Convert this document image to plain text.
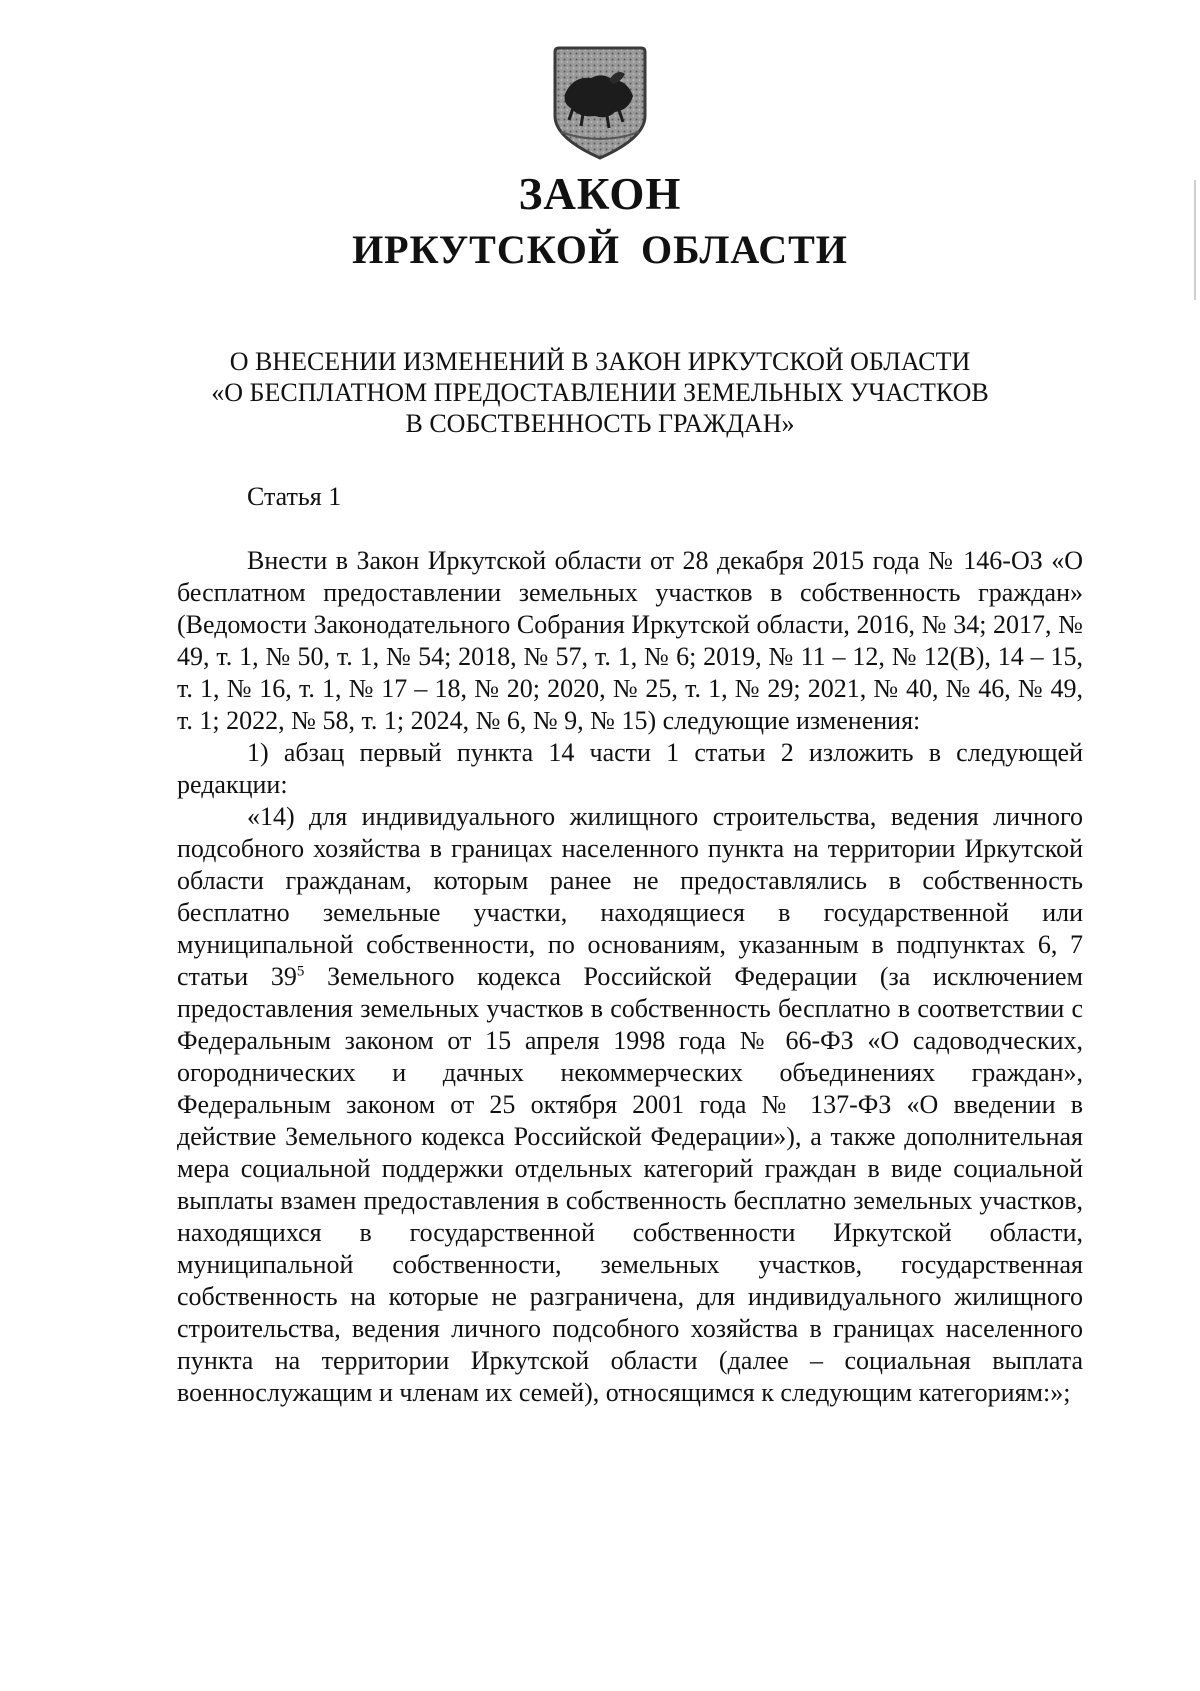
ЗАКОН
ИРКУТСКОЙ ОБЛАСТИ
О ВНЕСЕНИИ ИЗМЕНЕНИЙ В ЗАКОН ИРКУТСКОЙ ОБЛАСТИ
«О БЕСПЛАТНОМ ПРЕДОСТАВЛЕНИИ ЗЕМЕЛЬНЫХ УЧАСТКОВ
В СОБСТВЕННОСТЬ ГРАЖДАН»
Статья 1

Внести в Закон Иркутской области от 28 декабря 2015 года № 146-ОЗ «О бесплатном предоставлении земельных участков в собственность граждан» (Ведомости Законодательного Собрания Иркутской области, 2016, № 34; 2017, № 49, т. 1, № 50, т. 1, № 54; 2018, № 57, т. 1, № 6; 2019, № 11 – 12, № 12(В), 14 – 15, т. 1, № 16, т. 1, № 17 – 18, № 20; 2020, № 25, т. 1, № 29; 2021, № 40, № 46, № 49, т. 1; 2022, № 58, т. 1; 2024, № 6, № 9, № 15) следующие изменения:

1) абзац первый пункта 14 части 1 статьи 2 изложить в следующей редакции:

«14) для индивидуального жилищного строительства, ведения личного подсобного хозяйства в границах населенного пункта на территории Иркутской области гражданам, которым ранее не предоставлялись в собственность бесплатно земельные участки, находящиеся в государственной или муниципальной собственности, по основаниям, указанным в подпунктах 6, 7 статьи $39^5$ Земельного кодекса Российской Федерации (за исключением предоставления земельных участков в собственность бесплатно в соответствии с Федеральным законом от 15 апреля 1998 года № 66-ФЗ «О садоводческих, огороднических и дачных некоммерческих объединениях граждан», Федеральным законом от 25 октября 2001 года № 137-ФЗ «О введении в действие Земельного кодекса Российской Федерации»), а также дополнительная мера социальной поддержки отдельных категорий граждан в виде социальной выплаты взамен предоставления в собственность бесплатно земельных участков, находящихся в государственной собственности Иркутской области, муниципальной собственности, земельных участков, государственная собственность на которые не разграничена, для индивидуального жилищного строительства, ведения личного подсобного хозяйства в границах населенного пункта на территории Иркутской области (далее – социальная выплата военнослужащим и членам их семей), относящимся к следующим категориям:»;
